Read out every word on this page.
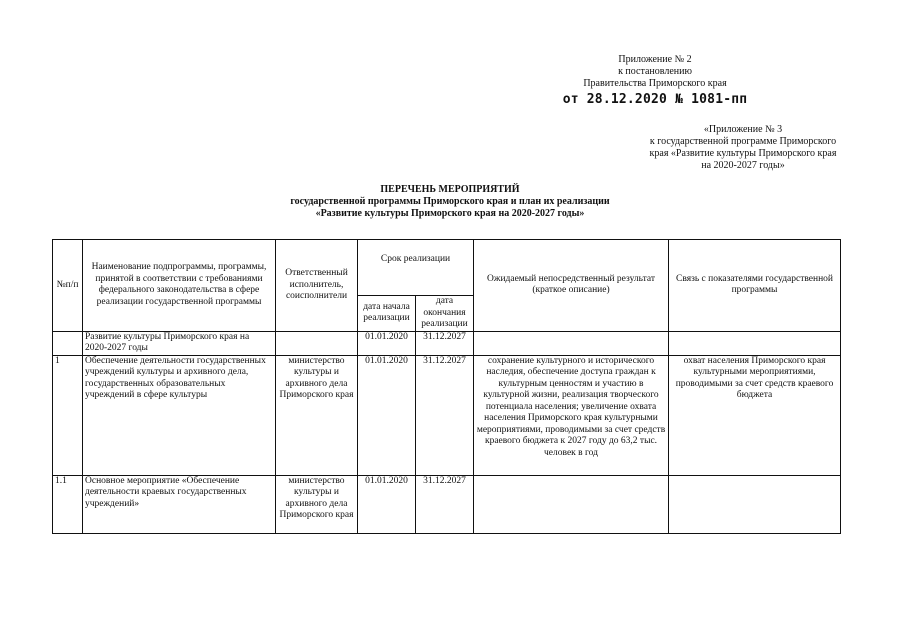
Приложение № 2
к постановлению
Правительства Приморского края
от 28.12.2020 № 1081-пп
«Приложение № 3
к государственной программе Приморского
края «Развитие культуры Приморского края
на 2020-2027 годы»
ПЕРЕЧЕНЬ МЕРОПРИЯТИЙ
государственной программы Приморского края и план их реализации
«Развитие культуры Приморского края на 2020-2027 годы»
№п/п	Наименование подпрограммы, программы, принятой в соответствии с требованиями федерального законодательства в сфере реализации государственной программы	Ответственный исполнитель, соисполнители	Срок реализации		Ожидаемый непосредственный результат (краткое описание)	Связь с показателями государственной программы
			дата начала реализации	дата окончания реализации		
	Развитие культуры Приморского края на 2020-2027 годы		01.01.2020	31.12.2027		
1	Обеспечение деятельности государственных учреждений культуры и архивного дела, государственных образовательных учреждений в сфере культуры	министерство культуры и архивного дела Приморского края	01.01.2020	31.12.2027	сохранение культурного и исторического наследия, обеспечение доступа граждан к культурным ценностям и участию в культурной жизни, реализация творческого потенциала населения; увеличение охвата населения Приморского края культурными мероприятиями, проводимыми за счет средств краевого бюджета к 2027 году до 63,2 тыс. человек в год	охват населения Приморского края культурными мероприятиями, проводимыми за счет средств краевого бюджета
1.1	Основное мероприятие «Обеспечение деятельности краевых государственных учреждений»	министерство культуры и архивного дела Приморского края	01.01.2020	31.12.2027		
